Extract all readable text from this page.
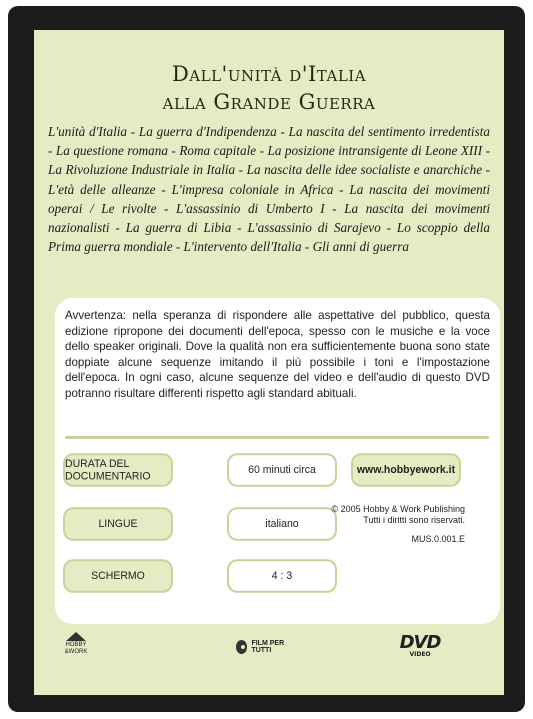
Dall'unità d'Italia
alla Grande Guerra
L'unità d'Italia - La guerra d'Indipendenza - La nascita del sentimento irredentista - La questione romana - Roma capitale - La posizione intransigente di Leone XIII - La Rivoluzione Industriale in Italia - La nascita delle idee socialiste e anarchiche - L'età delle alleanze - L'impresa coloniale in Africa - La nascita dei movimenti operai / Le rivolte - L'assassinio di Umberto I - La nascita dei movimenti nazionalisti - La guerra di Libia - L'assassinio di Sarajevo - Lo scoppio della Prima guerra mondiale - L'intervento dell'Italia - Gli anni di guerra
Avvertenza: nella speranza di rispondere alle aspettative del pubblico, questa edizione ripropone dei documenti dell'epoca, spesso con le musiche e la voce dello speaker originali. Dove la qualità non era sufficientemente buona sono state doppiate alcune sequenze imitando il più possibile i toni e l'impostazione dell'epoca. In ogni caso, alcune sequenze del video e dell'audio di questo DVD potranno risultare differenti rispetto agli standard abituali.
DURATA DEL DOCUMENTARIO	60 minuti circa	www.hobbyework.it
LINGUE	italiano
© 2005 Hobby & Work Publishing
Tutti i diritti sono riservati.
MUS.0.001.E
SCHERMO	4 : 3
HOBBY
&WORK
FILM PER TUTTI	DVD
VIDEO
